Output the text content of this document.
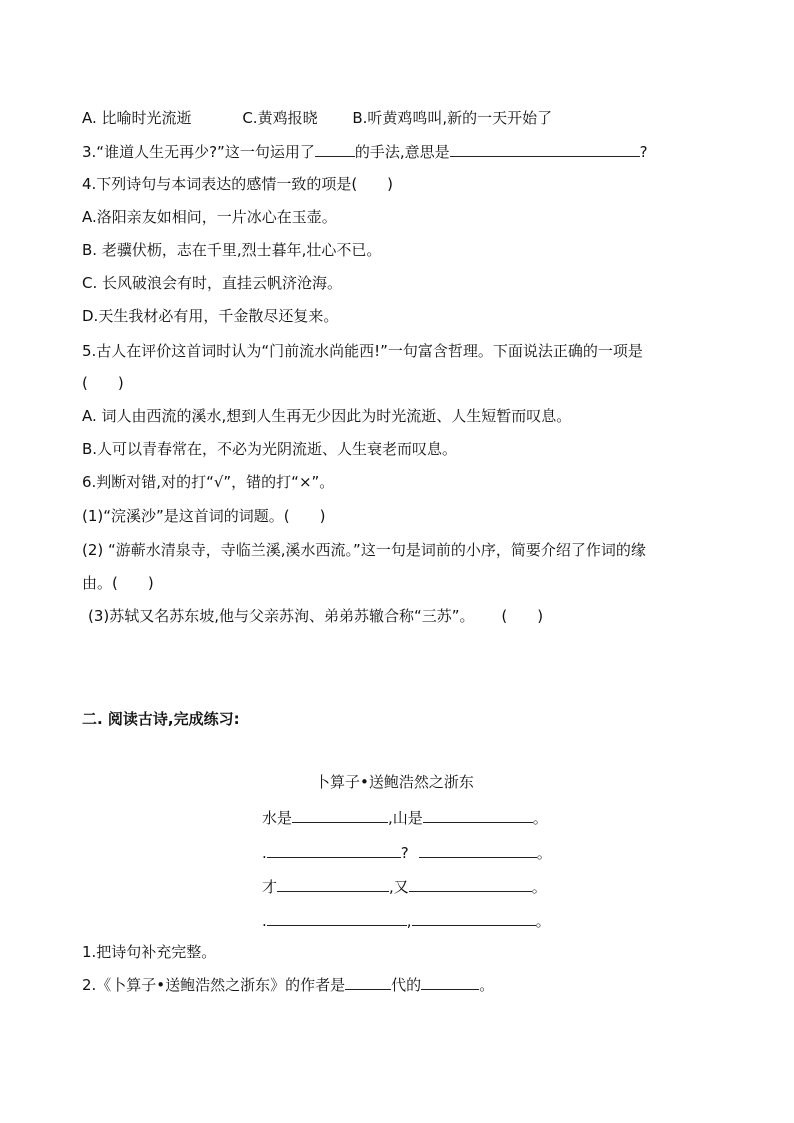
A. 比喻时光流逝	C.黄鸡报晓 B.听黄鸡鸣叫,新的一天开始了
3.“谁道人生无再少?”这一句运用了	的手法,意思是	?
4.下列诗句与本词表达的感情一致的项是(　　)
A.洛阳亲友如相问，一片冰心在玉壶。
B. 老骥伏枥，志在千里,烈士暮年,壮心不已。
C. 长风破浪会有时，直挂云帆济沧海。
D.天生我材必有用，千金散尽还复来。
5.古人在评价这首词时认为“门前流水尚能西!”一句富含哲理。下面说法正确的一项是
(　　)
A. 词人由西流的溪水,想到人生再无少因此为时光流逝、人生短暂而叹息。
B.人可以青春常在，不必为光阴流逝、人生衰老而叹息。
6.判断对错,对的打“√”，错的打“×”。
(1)“浣溪沙”是这首词的词题。(　　)
(2) “游蕲水清泉寺，寺临兰溪,溪水西流。”这一句是词前的小序，简要介绍了作词的缘
由。(　　)
(3)苏轼又名苏东坡,他与父亲苏洵、弟弟苏辙合称“三苏”。 (　　)
二. 阅读古诗,完成练习:
卜算子•送鲍浩然之浙东
水是	,山是	。
.	?	。
才	,又	。
.	,	。
1.把诗句补充完整。
2.《卜算子•送鲍浩然之浙东》的作者是	代的	。
